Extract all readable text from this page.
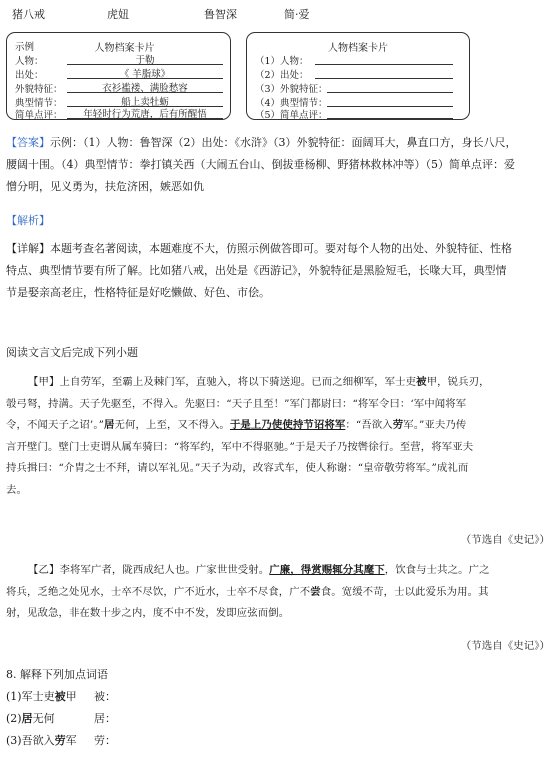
猪八戒	虎妞	鲁智深	简·爱
示例	人物档案卡片
人物：	于勒
出处：	《 羊脂球》
外貌特征：	衣衫褴褛、满脸愁容
典型情节：	船上卖牡蛎
简单点评：	年轻时行为荒唐，后有所醒悟
人物档案卡片
（1）人物：
（2）出处：
（3）外貌特征：
（4）典型情节：
（5）简单点评：
【答案】示例：（1）人物：鲁智深（2）出处：《水浒》（3）外貌特征：面阔耳大，鼻直口方，身长八尺，
腰阔十围。（4）典型情节：拳打镇关西（大闹五台山、倒拔垂杨柳、野猪林救林冲等）（5）简单点评：爱
憎分明，见义勇为，扶危济困，嫉恶如仇
【解析】
【详解】本题考查名著阅读，本题难度不大，仿照示例做答即可。要对每个人物的出处、外貌特征、性格
特点、典型情节要有所了解。比如猪八戒，出处是《西游记》，外貌特征是黑脸短毛，长喙大耳，典型情
节是娶亲高老庄，性格特征是好吃懒做、好色、市侩。
阅读文言文后完成下列小题
【甲】上自劳军，至霸上及棘门军，直驰入，将以下骑送迎。已而之细柳军，军士吏被甲，锐兵刃，
彀弓弩，持满。天子先驱至，不得入。先驱曰：“天子且至！”军门都尉曰：“将军令曰：‘军中闻将军
令，不闻天子之诏’。”居无何，上至，又不得入。于是上乃使使持节诏将军：“吾欲入劳军。”亚夫乃传
言开壁门。壁门士吏谓从属车骑曰：“将军约，军中不得驱驰。”于是天子乃按辔徐行。至营，将军亚夫
持兵揖曰：“介胄之士不拜，请以军礼见。”天子为动，改容式车，使人称谢：“皇帝敬劳将军。”成礼而
去。
（节选自《史记》）
【乙】李将军广者，陇西成纪人也。广家世世受射。广廉，得赏赐辄分其麾下，饮食与士共之。广之
将兵，乏绝之处见水，士卒不尽饮，广不近水，士卒不尽食，广不尝食。宽缓不苛，士以此爱乐为用。其
射，见敌急，非在数十步之内，度不中不发，发即应弦而倒。
（节选自《史记》）
8. 解释下列加点词语
(1)军士吏被甲 被：
(2)居无何	居：
(3)吾欲入劳军 劳：
